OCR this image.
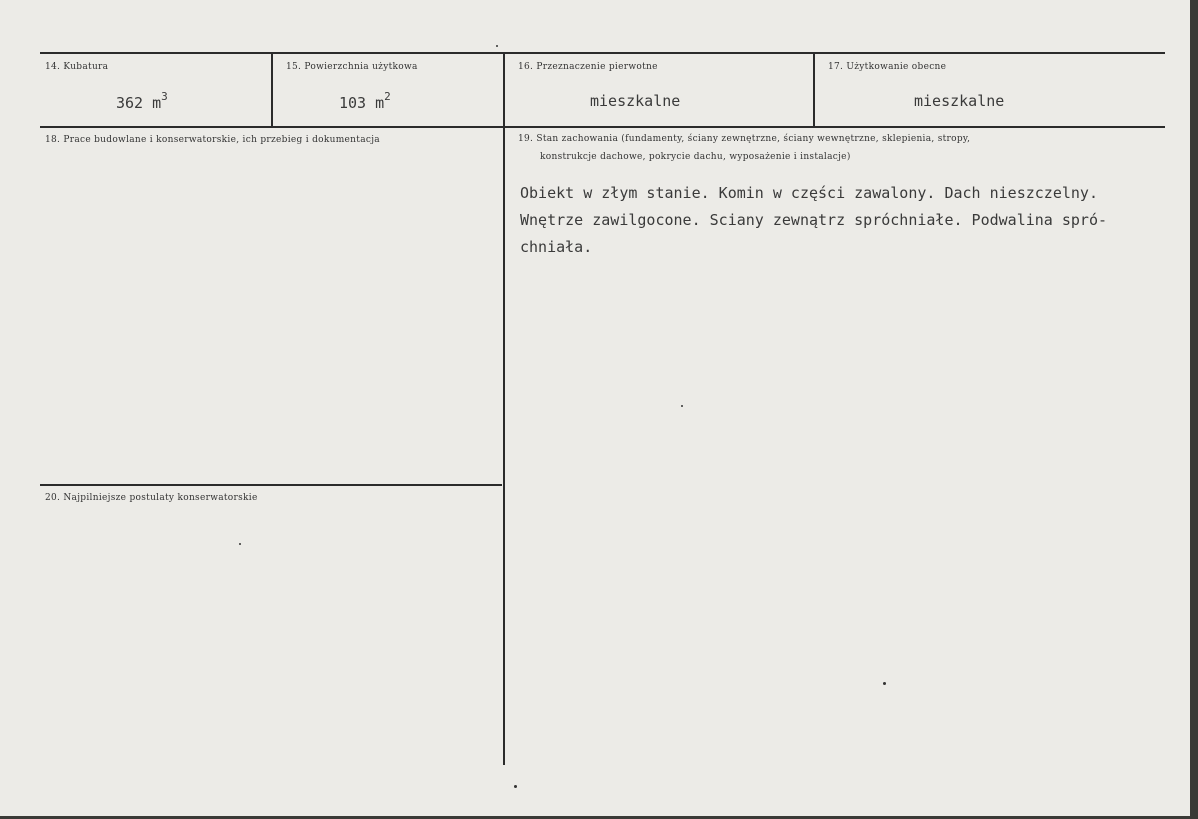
14. Kubatura
362 $m^3$
15. Powierzchnia użytkowa
103 $m^2$
16. Przeznaczenie pierwotne
mieszkalne
17. Użytkowanie obecne
mieszkalne
18. Prace budowlane i konserwatorskie, ich przebieg i dokumentacja	19. Stan zachowania (fundamenty, ściany zewnętrzne, ściany wewnętrzne, sklepienia, stropy,
konstrukcje dachowe, pokrycie dachu, wyposażenie i instalacje)
Obiekt w złym stanie. Komin w części zawalony. Dach nieszczelny.
Wnętrze zawilgocone. Sciany zewnątrz spróchniałe. Podwalina spró-
chniała.
20. Najpilniejsze postulaty konserwatorskie
